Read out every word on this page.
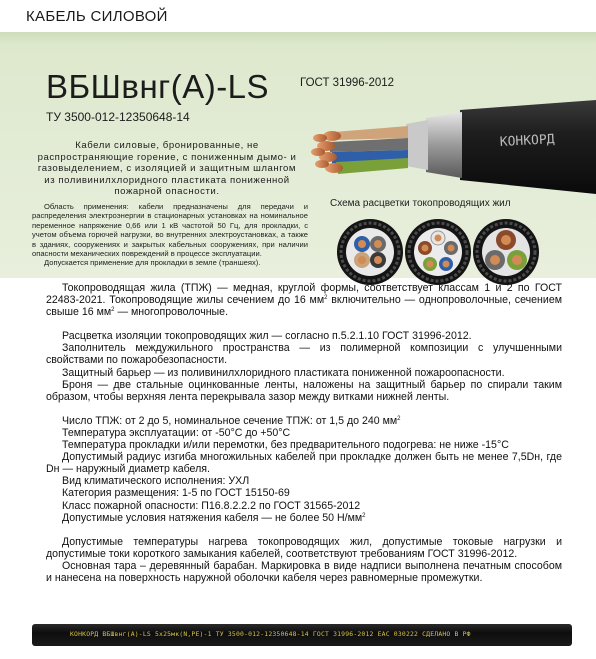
КАБЕЛЬ СИЛОВОЙ
ВБШвнг(А)-LS
ТУ 3500-012-12350648-14
ГОСТ 31996-2012
Кабели силовые, бронированные, не распространяющие горение, с пониженным дымо- и газовыделением, с изоляцией и защитным шлангом из поливинилхлоридного пластиката пониженной пожарной опасности.

Область применения: кабели предназначены для передачи и распределения электроэнергии в стационарных установках на номинальное переменное напряжение 0,66 или 1 кВ частотой 50 Гц, для прокладки, с учетом объема горючей нагрузки, во внутренних электроустановках, а также в зданиях, сооружениях и закрытых кабельных сооружениях, при наличии опасности механических повреждений в процессе эксплуатации.

Допускается применение для прокладки в земле (траншеях).

КОНКОРД
Схема расцветки токопроводящих жил

Токопроводящая жила (ТПЖ) — медная, круглой формы, соответствует классам 1 и 2 по ГОСТ 22483-2021. Токопроводящие жилы сечением до 16 $мм^2$ включительно — однопроволочные, сечением свыше 16 $мм^2$ — многопроволочные.

Расцветка изоляции токопроводящих жил — согласно п.5.2.1.10 ГОСТ 31996-2012.

Заполнитель междужильного пространства — из полимерной композиции с улучшенными свойствами по пожаробезопасности.

Защитный барьер — из поливинилхлоридного пластиката пониженной пожароопасности.

Броня — две стальные оцинкованные ленты, наложены на защитный барьер по спирали таким образом, чтобы верхняя лента перекрывала зазор между витками нижней ленты.

Число ТПЖ: от 2 до 5, номинальное сечение ТПЖ: от 1,5 до 240 $мм^2$

Температура эксплуатации: от -50°С до +50°С

Температура прокладки и/или перемотки, без предварительного подогрева: не ниже -15°С

Допустимый радиус изгиба многожильных кабелей при прокладке должен быть не менее 7,5Dн, где Dн — наружный диаметр кабеля.

Вид климатического исполнения: УХЛ

Категория размещения: 1-5 по ГОСТ 15150-69

Класс пожарной опасности: П16.8.2.2.2 по ГОСТ 31565-2012

Допустимые условия натяжения кабеля — не более 50 $Н/мм^2$

Допустимые температуры нагрева токопроводящих жил, допустимые токовые нагрузки и допустимые токи короткого замыкания кабелей, соответствуют требованиям ГОСТ 31996-2012.

Основная тара – деревянный барабан. Маркировка в виде надписи выполнена печатным способом и нанесена на поверхность наружной оболочки кабеля через равномерные промежутки.

КОНКОРД ВБШвнг(А)-LS 5х25мк(N,PE)-1 ТУ 3500-012-12350648-14 ГОСТ 31996-2012 ЕАС 030222 СДЕЛАНО В РФ
